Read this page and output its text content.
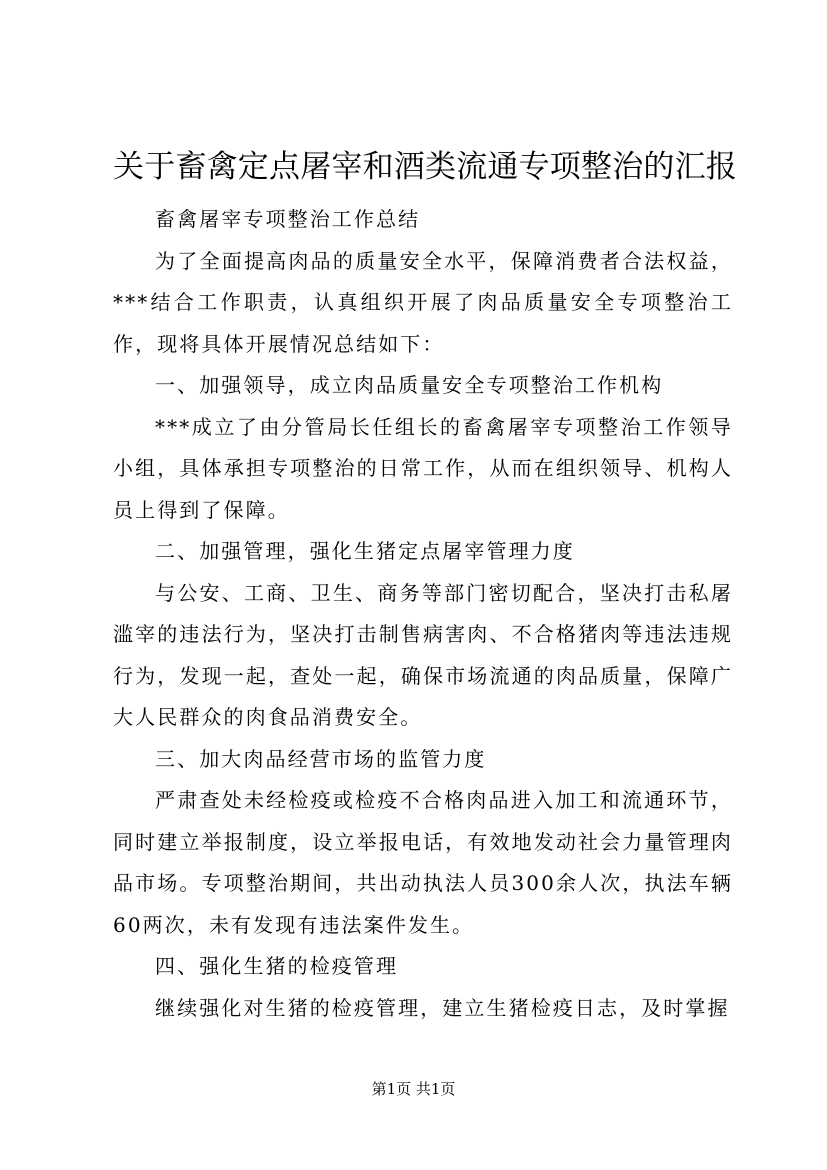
关于畜禽定点屠宰和酒类流通专项整治的汇报

畜禽屠宰专项整治工作总结

为了全面提高肉品的质量安全水平，保障消费者合法权益，***结合工作职责，认真组织开展了肉品质量安全专项整治工作，现将具体开展情况总结如下：

一、加强领导，成立肉品质量安全专项整治工作机构

***成立了由分管局长任组长的畜禽屠宰专项整治工作领导小组，具体承担专项整治的日常工作，从而在组织领导、机构人员上得到了保障。

二、加强管理，强化生猪定点屠宰管理力度

与公安、工商、卫生、商务等部门密切配合，坚决打击私屠滥宰的违法行为，坚决打击制售病害肉、不合格猪肉等违法违规行为，发现一起，查处一起，确保市场流通的肉品质量，保障广大人民群众的肉食品消费安全。

三、加大肉品经营市场的监管力度

严肃查处未经检疫或检疫不合格肉品进入加工和流通环节，同时建立举报制度，设立举报电话，有效地发动社会力量管理肉品市场。专项整治期间，共出动执法人员300余人次，执法车辆60两次，未有发现有违法案件发生。

四、强化生猪的检疫管理

继续强化对生猪的检疫管理，建立生猪检疫日志，及时掌握

第1页 共1页
